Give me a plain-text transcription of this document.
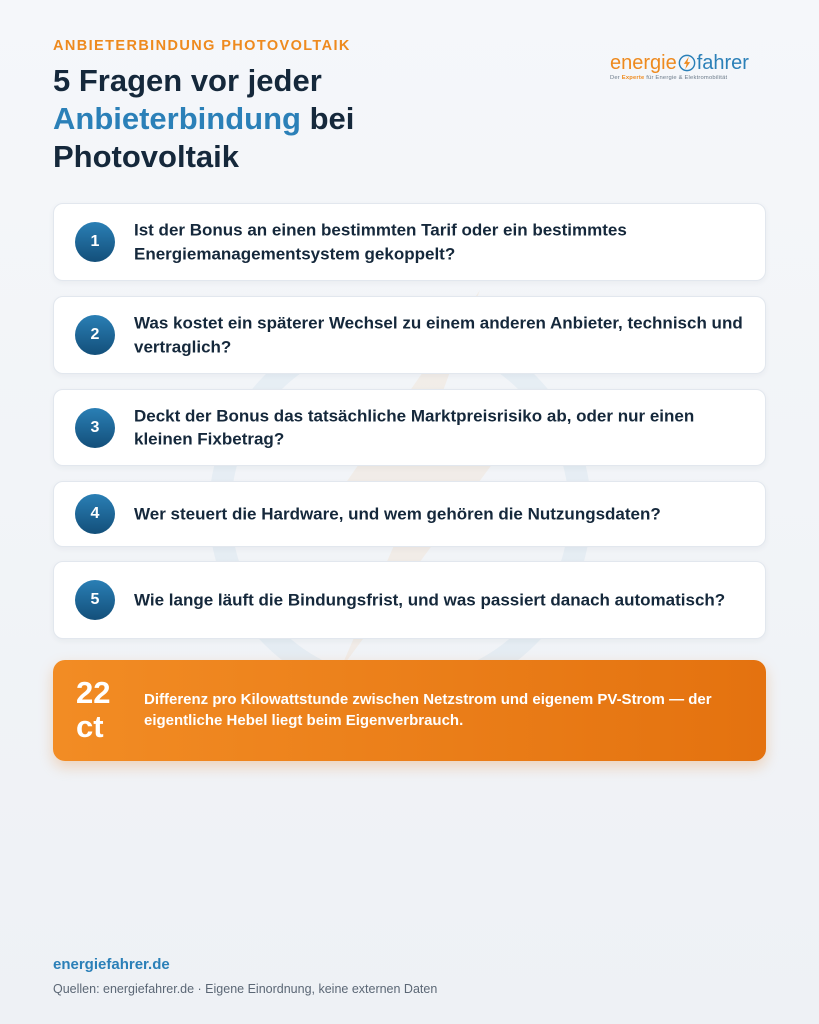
ANBIETERBINDUNG PHOTOVOLTAIK
5 Fragen vor jeder
Anbieterbindung bei
Photovoltaik
energie fahrer
Der Experte für Energie & Elektromobilität
1
Ist der Bonus an einen bestimmten Tarif oder ein bestimmtes Energiemanagementsystem gekoppelt?
2
Was kostet ein späterer Wechsel zu einem anderen Anbieter, technisch und vertraglich?
3
Deckt der Bonus das tatsächliche Marktpreisrisiko ab, oder nur einen kleinen Fixbetrag?
4	Wer steuert die Hardware, und wem gehören die Nutzungsdaten?
5	Wie lange läuft die Bindungsfrist, und was passiert danach automatisch?
22
ct
Differenz pro Kilowattstunde zwischen Netzstrom und eigenem PV-Strom — der eigentliche Hebel liegt beim Eigenverbrauch.
energiefahrer.de
Quellen: energiefahrer.de · Eigene Einordnung, keine externen Daten
